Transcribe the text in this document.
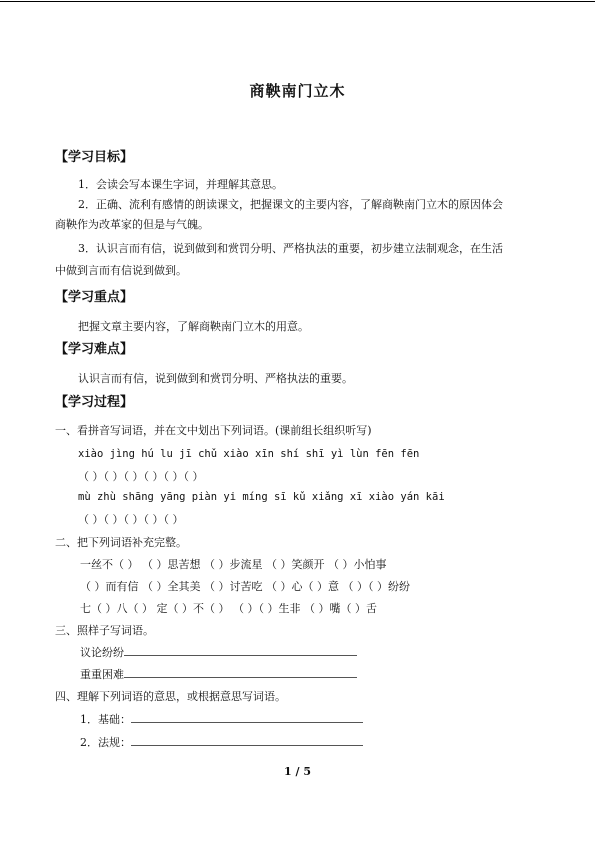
商鞅南门立木
【学习目标】
1．会读会写本课生字词，并理解其意思。
2．正确、流利有感情的朗读课文，把握课文的主要内容，了解商鞅南门立木的原因体会
商鞅作为改革家的但是与气魄。
3．认识言而有信，说到做到和赏罚分明、严格执法的重要，初步建立法制观念，在生活
中做到言而有信说到做到。
【学习重点】
把握文章主要内容，了解商鞅南门立木的用意。
【学习难点】
认识言而有信，说到做到和赏罚分明、严格执法的重要。
【学习过程】
一、看拼音写词语，并在文中划出下列词语。(课前组长组织听写)
xiào jìng hú lu jī chǔ xiào xīn shí shī yì lùn fēn fēn
（ ）（ ）（ ）（ ）（ ）（ ）
mù zhù shāng yāng piàn yi míng sī kǔ xiǎng xī xiào yán kāi
（ ）（ ）（ ）（ ）（ ）
二、把下列词语补充完整。
一丝不（ ） （ ）思苦想 （ ）步流星 （ ）笑颜开 （ ）小怕事
（ ）而有信 （ ）全其美 （ ）讨苦吃 （ ）心（ ）意 （ ）（ ）纷纷
七（ ）八（ ） 定（ ）不（ ） （ ）（ ）生非 （ ）嘴（ ）舌
三、照样子写词语。
议论纷纷
重重困难
四、理解下列词语的意思，或根据意思写词语。
1．基础：
2．法规：
1 / 5
